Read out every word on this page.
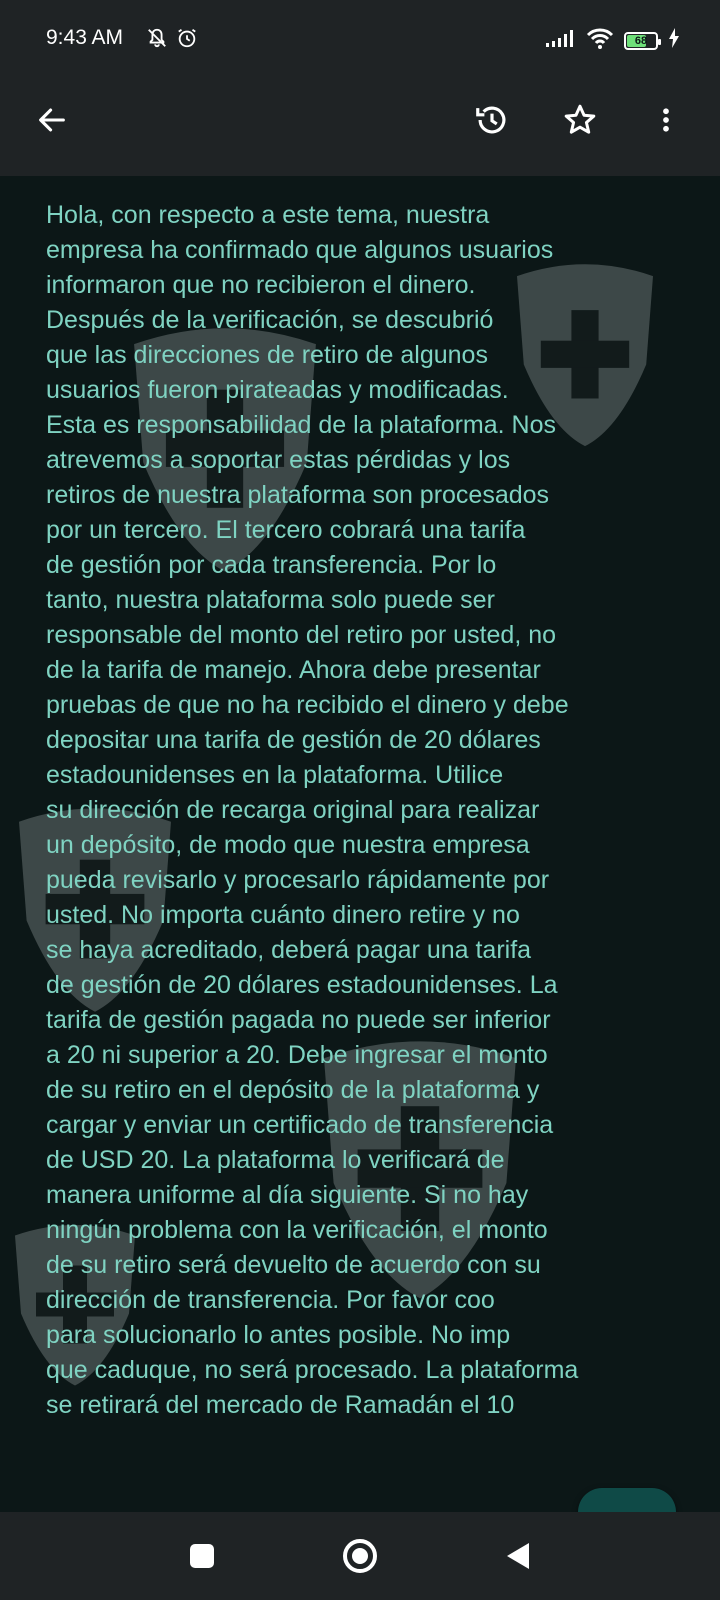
9:43 AM	68

Hola, con respecto a este tema, nuestra
empresa ha confirmado que algunos usuarios
informaron que no recibieron el dinero.
Después de la verificación, se descubrió
que las direcciones de retiro de algunos
usuarios fueron pirateadas y modificadas.
Esta es responsabilidad de la plataforma. Nos
atrevemos a soportar estas pérdidas y los
retiros de nuestra plataforma son procesados
por un tercero. El tercero cobrará una tarifa
de gestión por cada transferencia. Por lo
tanto, nuestra plataforma solo puede ser
responsable del monto del retiro por usted, no
de la tarifa de manejo. Ahora debe presentar
pruebas de que no ha recibido el dinero y debe
depositar una tarifa de gestión de 20 dólares
estadounidenses en la plataforma. Utilice
su dirección de recarga original para realizar
un depósito, de modo que nuestra empresa
pueda revisarlo y procesarlo rápidamente por
usted. No importa cuánto dinero retire y no
se haya acreditado, deberá pagar una tarifa
de gestión de 20 dólares estadounidenses. La
tarifa de gestión pagada no puede ser inferior
a 20 ni superior a 20. Debe ingresar el monto
de su retiro en el depósito de la plataforma y
cargar y enviar un certificado de transferencia
de USD 20. La plataforma lo verificará de
manera uniforme al día siguiente. Si no hay
ningún problema con la verificación, el monto
de su retiro será devuelto de acuerdo con su
dirección de transferencia. Por favor coo
para solucionarlo lo antes posible. No imp
que caduque, no será procesado. La plataforma
se retirará del mercado de Ramadán el 10
